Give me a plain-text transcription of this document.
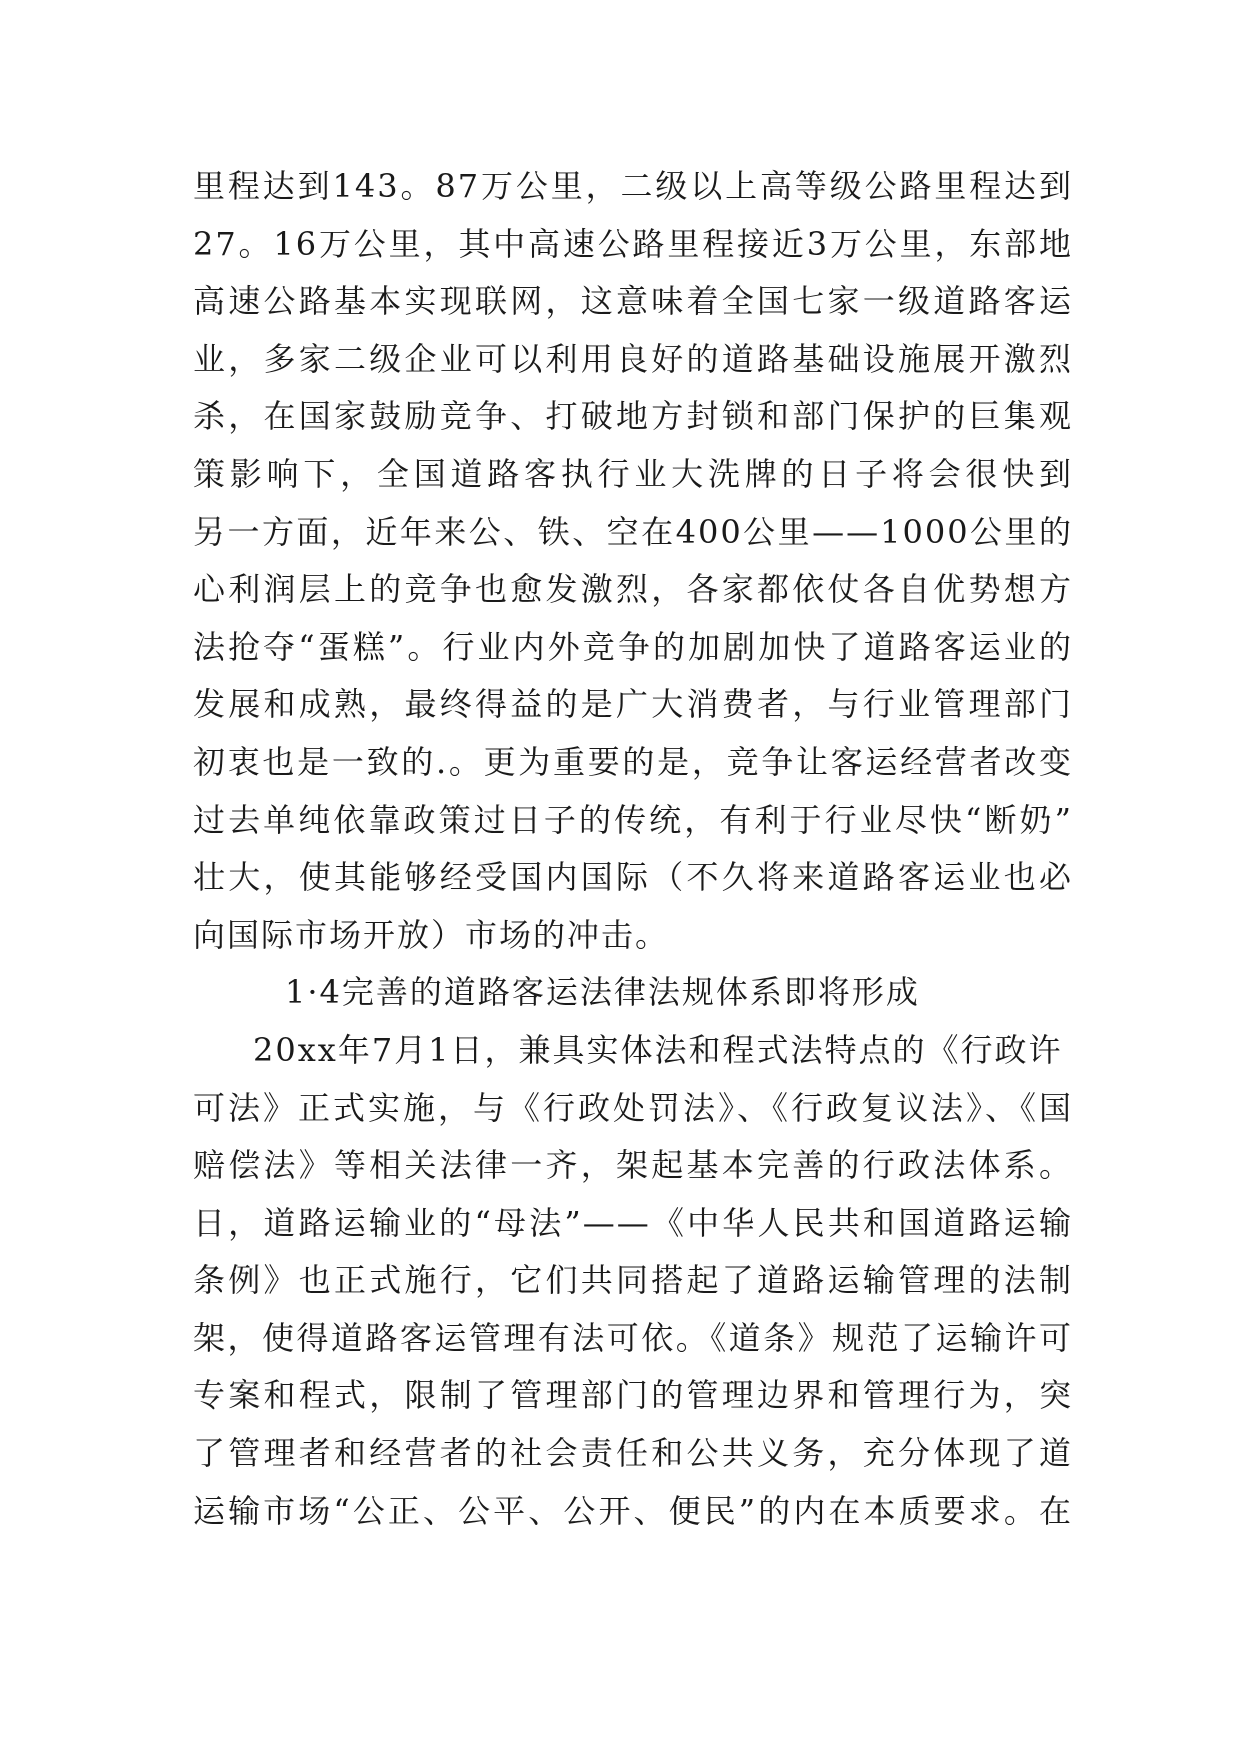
里程达到143。87万公里，二级以上高等级公路里程达到
27。16万公里，其中高速公路里程接近3万公里，东部地
高速公路基本实现联网，这意味着全国七家一级道路客运
业，多家二级企业可以利用良好的道路基础设施展开激烈
杀，在国家鼓励竞争、打破地方封锁和部门保护的巨集观
策影响下，全国道路客执行业大洗牌的日子将会很快到
另一方面，近年来公、铁、空在400公里——1000公里的
心利润层上的竞争也愈发激烈，各家都依仗各自优势想方
法抢夺“蛋糕”。行业内外竞争的加剧加快了道路客运业的
发展和成熟，最终得益的是广大消费者，与行业管理部门
初衷也是一致的.。更为重要的是，竞争让客运经营者改变
过去单纯依靠政策过日子的传统，有利于行业尽快“断奶”
壮大，使其能够经受国内国际（不久将来道路客运业也必
向国际市场开放）市场的冲击。
1·4完善的道路客运法律法规体系即将形成
20xx年7月1日，兼具实体法和程式法特点的《行政许
可法》正式实施，与《行政处罚法》、《行政复议法》、《国
赔偿法》等相关法律一齐，架起基本完善的行政法体系。
日，道路运输业的“母法”——《中华人民共和国道路运输
条例》也正式施行，它们共同搭起了道路运输管理的法制
架，使得道路客运管理有法可依。《道条》规范了运输许可
专案和程式，限制了管理部门的管理边界和管理行为，突
了管理者和经营者的社会责任和公共义务，充分体现了道
运输市场“公正、公平、公开、便民”的内在本质要求。在
